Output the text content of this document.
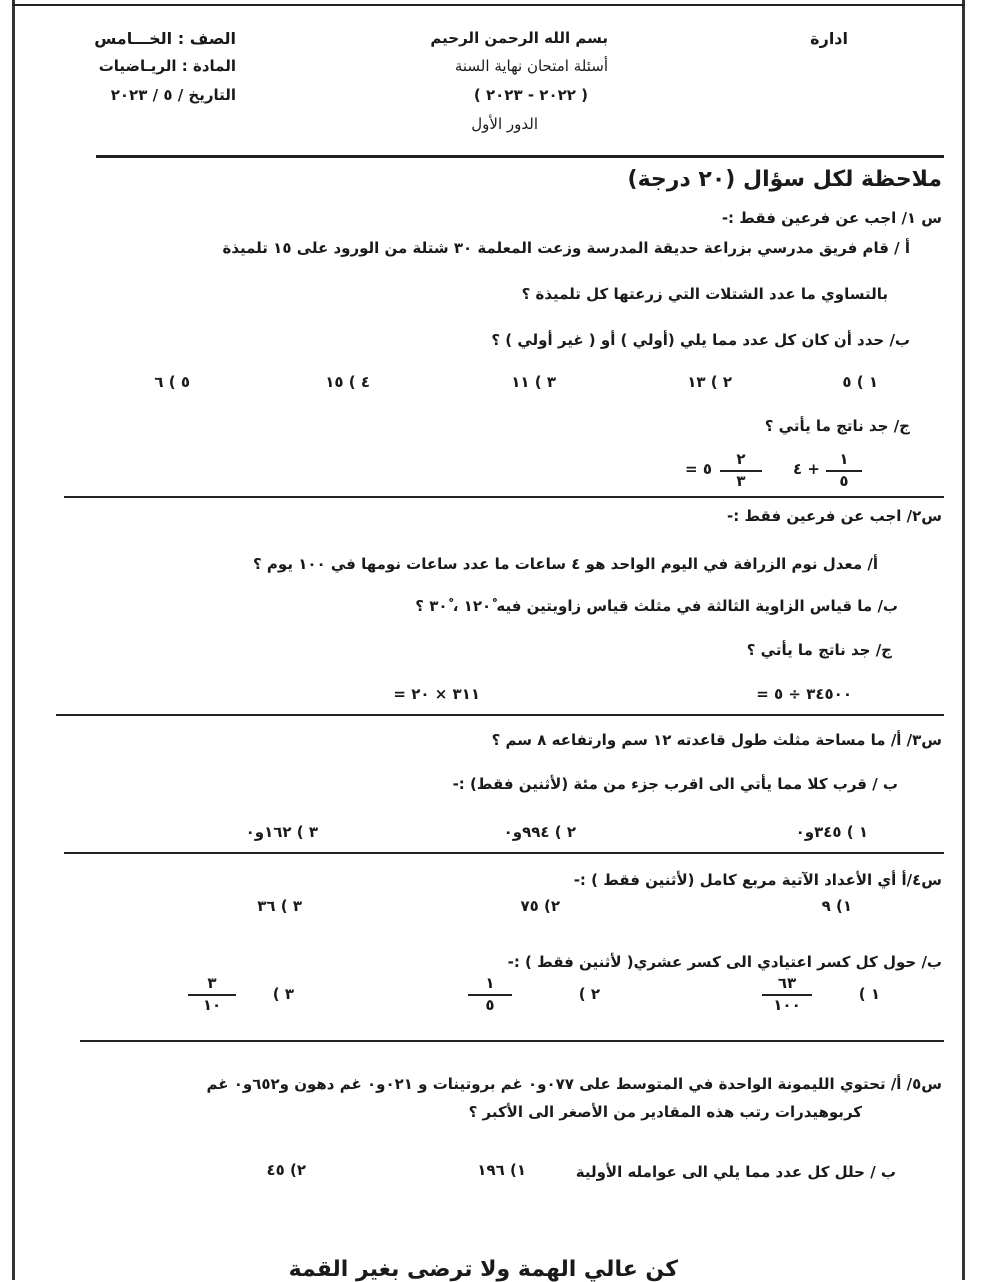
ادارة
بسم الله الرحمن الرحيم
أسئلة امتحان نهاية السنة
( ٢٠٢٢ - ٢٠٢٣ )
الدور الأول
الصف : الخـــامس
المادة : الريـاضيات
التاريخ / ٥ / ٢٠٢٣
ملاحظة لكل سؤال (٢٠ درجة)
س ١/ اجب عن فرعين فقط :-
أ / قام فريق مدرسي بزراعة حديقة المدرسة وزعت المعلمة ٣٠ شتلة من الورود على ١٥ تلميذة
بالتساوي ما عدد الشتلات التي زرعتها كل تلميذة ؟
ب/ حدد أن كان كل عدد مما يلي (أولي ) أو ( غير أولي ) ؟
١ ) ٥
٢ ) ١٣
٣ ) ١١
٤ ) ١٥
٥ ) ٦
ج/ جد ناتج ما يأتي ؟
١
٥
+ ٤
٢
٣
٥ =
س٢/ اجب عن فرعين فقط :-
أ/ معدل نوم الزرافة في اليوم الواحد هو ٤ ساعات ما عدد ساعات نومها في ١٠٠ يوم ؟
ب/ ما قياس الزاوية الثالثة في مثلث قياس زاويتين فيه ١٢٠ْ ، ٣٠ْ ؟
ج/ جد ناتج ما يأتي ؟
٣٤٥٠٠ ÷ ٥ =
٣١١ × ٢٠ =
س٣/ أ/ ما مساحة مثلث طول قاعدته ١٢ سم وارتفاعه ٨ سم ؟
ب / قرب كلا مما يأتي الى اقرب جزء من مئة (لأثنين فقط) :-
١ ) ٣٤٥و٠
٢ ) ٩٩٤و٠
٣ ) ١٦٢و٠
س٤/أ أي الأعداد الآتية مربع كامل (لأثنين فقط ) :-
١) ٩
٢) ٧٥
٣ ) ٣٦
ب/ حول كل كسر اعتيادي الى كسر عشري( لأثنين فقط ) :-
١ )
٦٣
١٠٠
٢ )
١
٥
٣ )
٣
١٠
س٥/ أ/ تحتوي الليمونة الواحدة في المتوسط على ٠٧٧و٠ غم بروتينات و ٠٢١و٠ غم دهون و٦٥٢و٠ غم
كربوهيدرات رتب هذه المقادير من الأصغر الى الأكبر ؟
ب / حلل كل عدد مما يلي الى عوامله الأولية
١) ١٩٦
٢) ٤٥
كن عالي الهمة ولا ترضى بغير القمة
